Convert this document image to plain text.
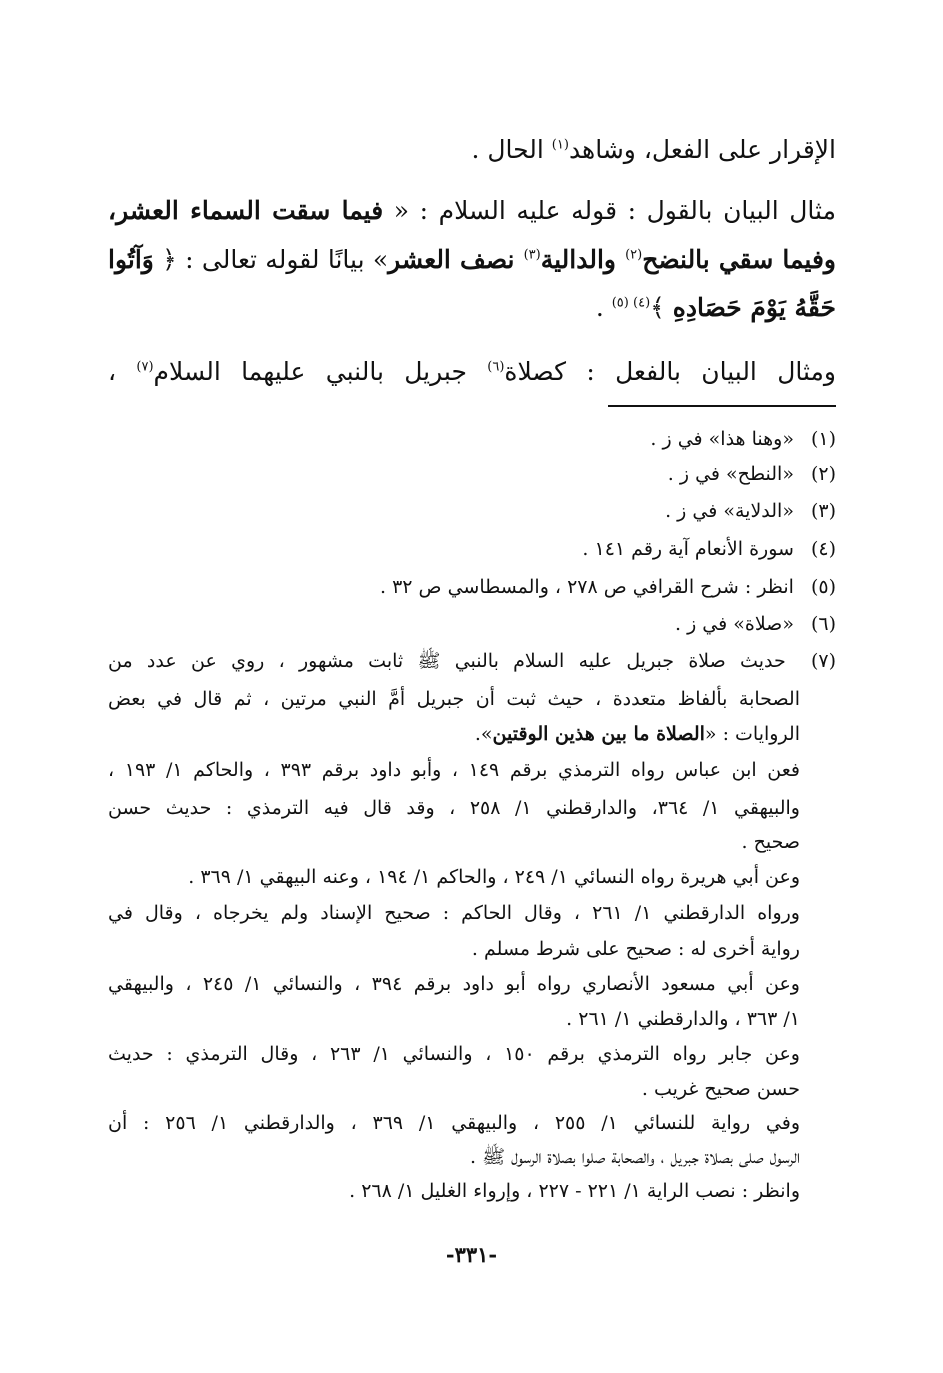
الإقرار على الفعل، وشاهد$^{(١)}$ الحال .
مثال البيان بالقول : قوله عليه السلام : « فيما سقت السماء العشر،
وفيما سقي بالنضح$^{(٢)}$ والدالية$^{(٣)}$ نصف العشر» بيانًا لقوله تعالى : ﴿ وَآتُوا
حَقَّهُ يَوْمَ حَصَادِهِ ﴾$^{(٤)}$ $^{(٥)}$ .
ومثال البيان بالفعل : كصلاة$^{(٦)}$ جبريل بالنبي عليهما السلام$^{(٧)}$ ،
(١) «وهنا هذا» في ز .
(٢) «النطح» في ز .
(٣) «الدلاية» في ز .
(٤) سورة الأنعام آية رقم ١٤١ .
(٥) انظر : شرح القرافي ص ٢٧٨ ، والمسطاسي ص ٣٢ .
(٦) «صلاة» في ز .
(٧) حديث صلاة جبريل عليه السلام بالنبي ﷺ ثابت مشهور ، روي عن عدد من
الصحابة بألفاظ متعددة ، حيث ثبت أن جبريل أمَّ النبي مرتين ، ثم قال في بعض
الروايات : «الصلاة ما بين هذين الوقتين».
فعن ابن عباس رواه الترمذي برقم ١٤٩ ، وأبو داود برقم ٣٩٣ ، والحاكم ١/ ١٩٣ ،
والبيهقي ١/ ٣٦٤، والدارقطني ١/ ٢٥٨ ، وقد قال فيه الترمذي : حديث حسن
صحيح .
وعن أبي هريرة رواه النسائي ١/ ٢٤٩ ، والحاكم ١/ ١٩٤ ، وعنه البيهقي ١/ ٣٦٩ .
ورواه الدارقطني ١/ ٢٦١ ، وقال الحاكم : صحيح الإسناد ولم يخرجاه ، وقال في
رواية أخرى له : صحيح على شرط مسلم .
وعن أبي مسعود الأنصاري رواه أبو داود برقم ٣٩٤ ، والنسائي ١/ ٢٤٥ ، والبيهقي
١/ ٣٦٣ ، والدارقطني ١/ ٢٦١ .
وعن جابر رواه الترمذي برقم ١٥٠ ، والنسائي ١/ ٢٦٣ ، وقال الترمذي : حديث
حسن صحيح غريب .
وفي رواية للنسائي ١/ ٢٥٥ ، والبيهقي ١/ ٣٦٩ ، والدارقطني ١/ ٢٥٦ : أن
الرسول صلى بصلاة جبريل ، والصحابة صلوا بصلاة الرسول ﷺ .
وانظر : نصب الراية ١/ ٢٢١ - ٢٢٧ ، وإرواء الغليل ١/ ٢٦٨ .
-٣٣١-
